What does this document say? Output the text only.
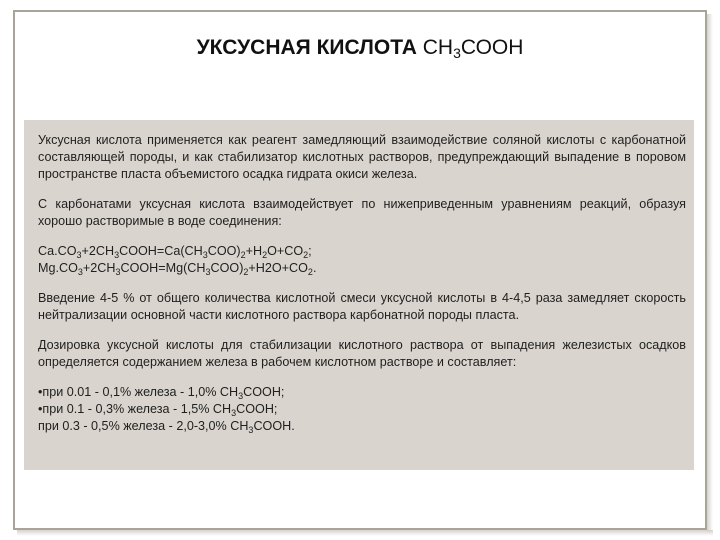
УКСУСНАЯ КИСЛОТА $СН_3СООН$

Уксусная кислота применяется как реагент замедляющий взаимодействие соляной кислоты с карбонатной составляющей породы, и как стабилизатор кислотных растворов, предупреждающий выпадение в поровом пространстве пласта объемистого осадка гидрата окиси железа.

С карбонатами уксусная кислота взаимодействует по нижеприведенным уравнениям реакций, образуя хорошо растворимые в воде соединения:

$Ca.CO_3+2CH_3COOH=Ca(CH_3COO)_2+H_2O+CO_2$;
$Mg.CO_3+2CH_3COOH=Mg(CH_3COO)_2+H2O+CO_2$.

Введение 4-5 % от общего количества кислотной смеси уксусной кислоты в 4-4,5 раза замедляет скорость нейтрализации основной части кислотного раствора карбонатной породы пласта.

Дозировка уксусной кислоты для стабилизации кислотного раствора от выпадения железистых осадков определяется содержанием железа в рабочем кислотном растворе и составляет:

•при 0.01 - 0,1% железа - 1,0% $CH_3COOH$;
•при 0.1 - 0,3% железа - 1,5% $CH_3COOH$;
при 0.3 - 0,5% железа - 2,0-3,0% $CH_3COOH$.
